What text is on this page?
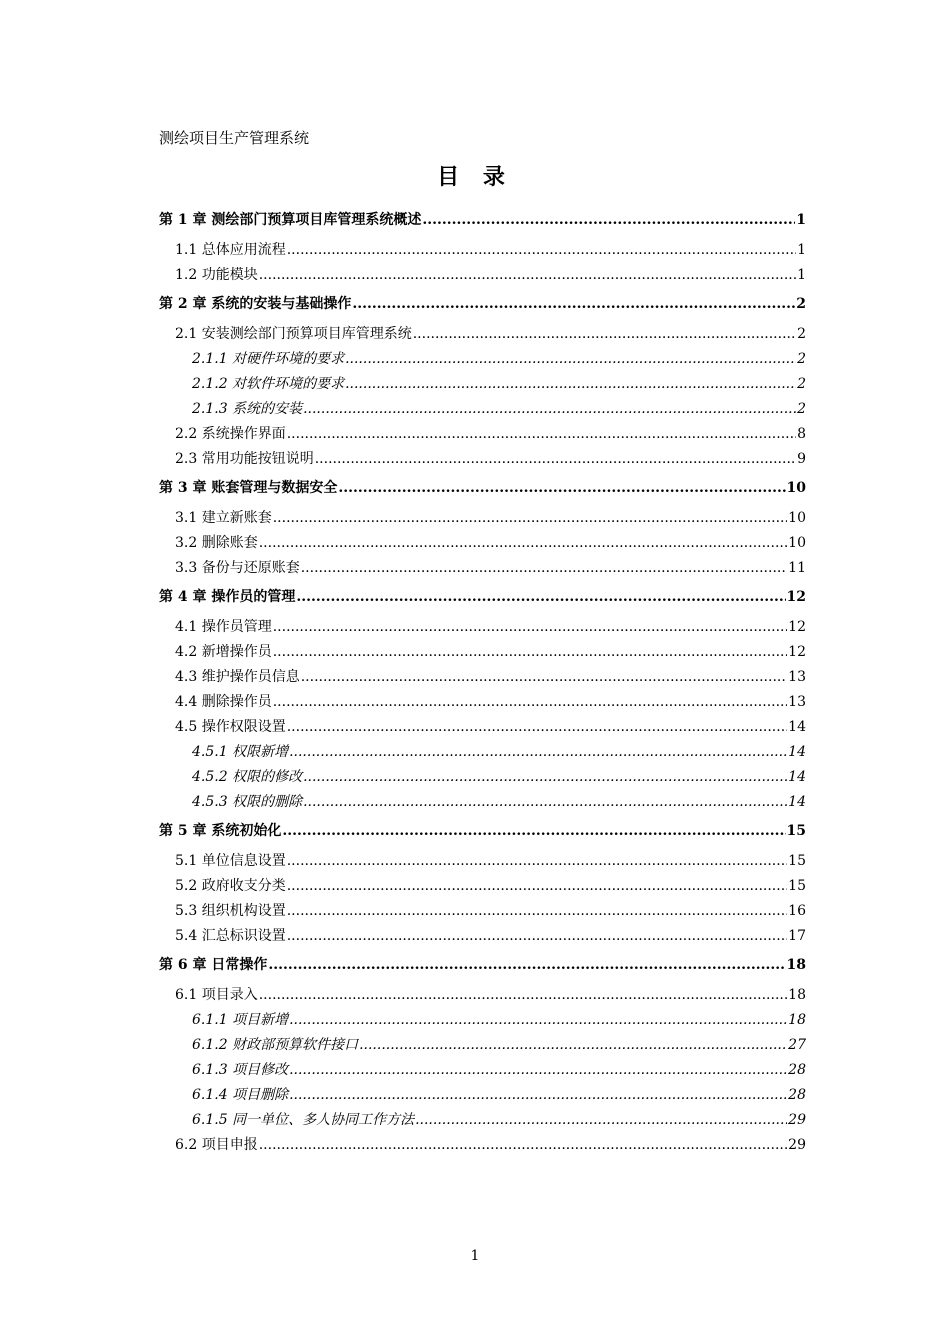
测绘项目生产管理系统
目 录
第 1 章 测绘部门预算项目库管理系统概述 .....	1
1.1 总体应用流程 .....	1
1.2 功能模块 .....	1
第 2 章 系统的安装与基础操作 .....	2
2.1 安装测绘部门预算项目库管理系统 .....	2
2.1.1 对硬件环境的要求 .....	2
2.1.2 对软件环境的要求 .....	2
2.1.3 系统的安装 .....	2
2.2 系统操作界面 .....	8
2.3 常用功能按钮说明 .....	9
第 3 章 账套管理与数据安全 .....	10
3.1 建立新账套 .....	10
3.2 删除账套 .....	10
3.3 备份与还原账套 .....	11
第 4 章 操作员的管理 .....	12
4.1 操作员管理 .....	12
4.2 新增操作员 .....	12
4.3 维护操作员信息 .....	13
4.4 删除操作员 .....	13
4.5 操作权限设置 .....	14
4.5.1 权限新增 .....	14
4.5.2 权限的修改 .....	14
4.5.3 权限的删除 .....	14
第 5 章 系统初始化 .....	15
5.1 单位信息设置 .....	15
5.2 政府收支分类 .....	15
5.3 组织机构设置 .....	16
5.4 汇总标识设置 .....	17
第 6 章 日常操作 .....	18
6.1 项目录入 .....	18
6.1.1 项目新增 .....	18
6.1.2 财政部预算软件接口 .....	27
6.1.3 项目修改 .....	28
6.1.4 项目删除 .....	28
6.1.5 同一单位、多人协同工作方法 .....	29
6.2 项目申报 .....	29
1
